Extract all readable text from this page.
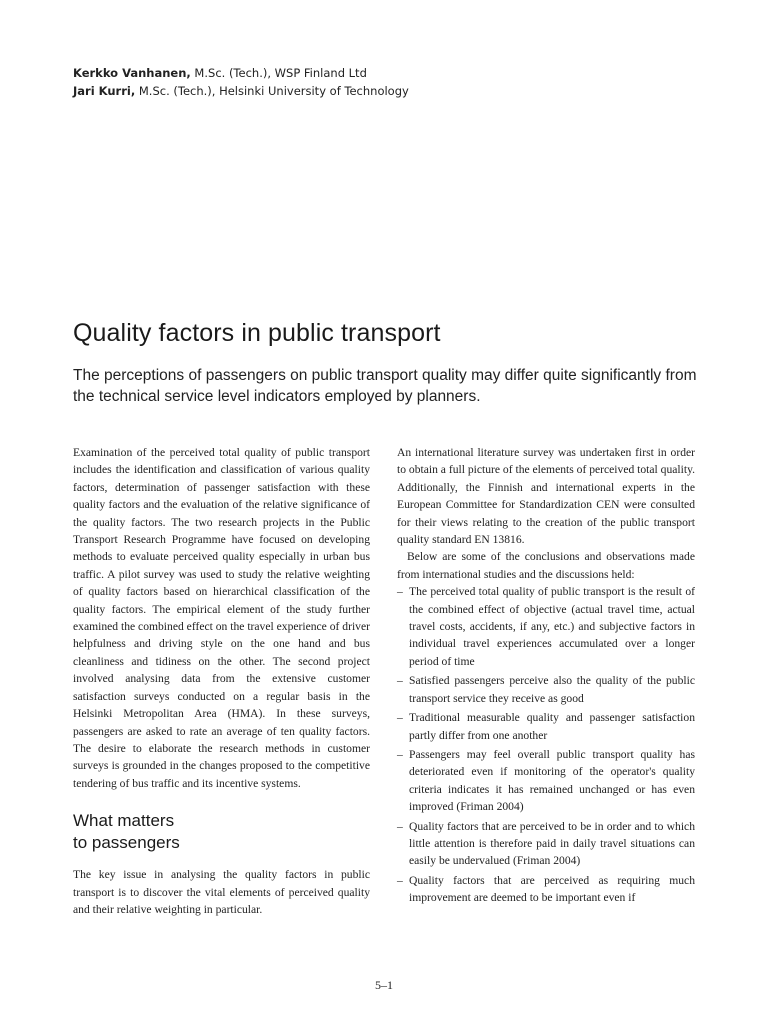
Kerkko Vanhanen, M.Sc. (Tech.), WSP Finland Ltd
Jari Kurri, M.Sc. (Tech.), Helsinki University of Technology
Quality factors in public transport

The perceptions of passengers on public transport quality may differ quite significantly from the technical service level indicators employed by planners.

Examination of the perceived total quality of public transport includes the identification and classification of various quality factors, determination of passenger satisfaction with these quality factors and the evaluation of the relative significance of the quality factors. The two research projects in the Public Transport Research Programme have focused on developing methods to evaluate perceived quality especially in urban bus traffic. A pilot survey was used to study the relative weighting of quality factors based on hierarchical classification of the quality factors. The empirical element of the study further examined the combined effect on the travel experience of driver helpfulness and driving style on the one hand and bus cleanliness and tidiness on the other. The second project involved analysing data from the extensive customer satisfaction surveys conducted on a regular basis in the Helsinki Metropolitan Area (HMA). In these surveys, passengers are asked to rate an average of ten quality factors. The desire to elaborate the research methods in customer surveys is grounded in the changes proposed to the competitive tendering of bus traffic and its incentive systems.

What matters
to passengers

The key issue in analysing the quality factors in public transport is to discover the vital elements of perceived quality and their relative weighting in particular.

An international literature survey was undertaken first in order to obtain a full picture of the elements of perceived total quality. Additionally, the Finnish and international experts in the European Committee for Standardization CEN were consulted for their views relating to the creation of the public transport quality standard EN 13816.

Below are some of the conclusions and observations made from international studies and the discussions held:

– The perceived total quality of public transport is the result of the combined effect of objective (actual travel time, actual travel costs, accidents, if any, etc.) and subjective factors in individual travel experiences accumulated over a longer period of time
– Satisfied passengers perceive also the quality of the public transport service they receive as good
– Traditional measurable quality and passenger satisfaction partly differ from one another
– Passengers may feel overall public transport quality has deteriorated even if monitoring of the operator's quality criteria indicates it has remained unchanged or has even improved (Friman 2004)
– Quality factors that are perceived to be in order and to which little attention is therefore paid in daily travel situations can easily be undervalued (Friman 2004)
– Quality factors that are perceived as requiring much improvement are deemed to be important even if
5–1
